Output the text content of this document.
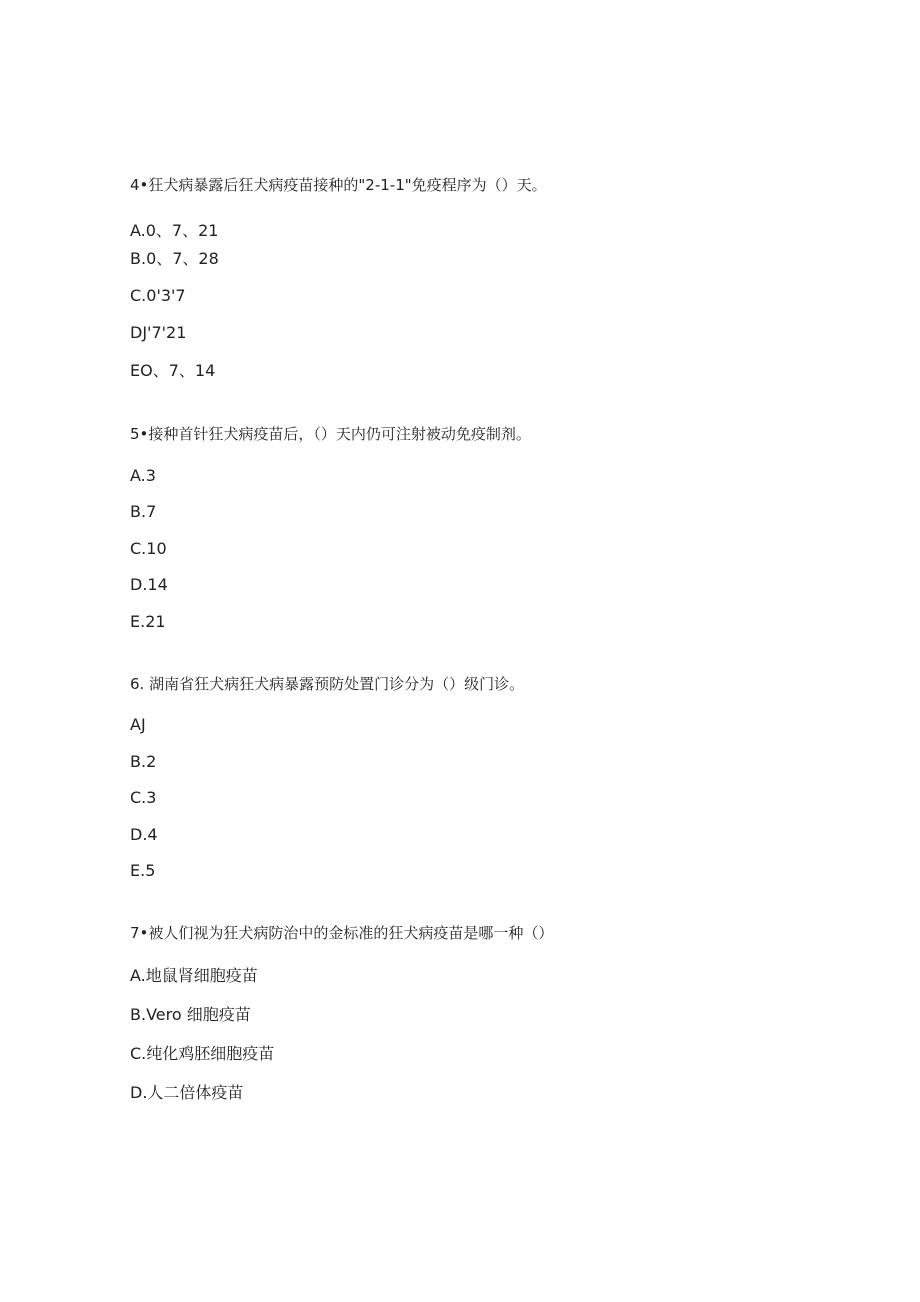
4•狂犬病暴露后狂犬病疫苗接种的"2-1-1"免疫程序为（）天。
A.0、7、21
B.0、7、28
C.0'3'7
DJ'7'21
EO、7、14
5•接种首针狂犬病疫苗后，（）天内仍可注射被动免疫制剂。
A.3
B.7
C.10
D.14
E.21
6. 湖南省狂犬病狂犬病暴露预防处置门诊分为（）级门诊。
AJ
B.2
C.3
D.4
E.5
7•被人们视为狂犬病防治中的金标准的狂犬病疫苗是哪一种（）
A.地鼠肾细胞疫苗
B.Vero 细胞疫苗
C.纯化鸡胚细胞疫苗
D.人二倍体疫苗
